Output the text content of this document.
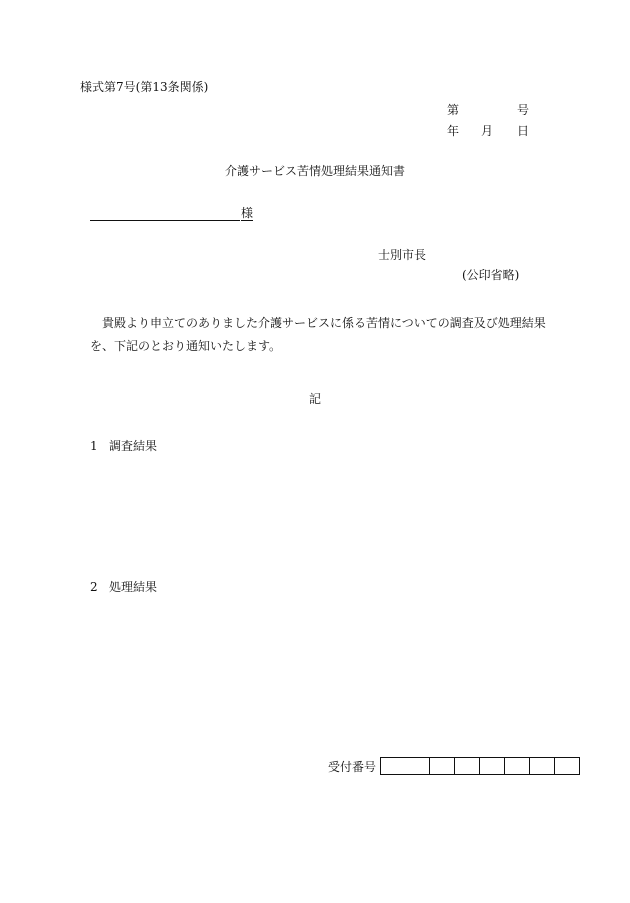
様式第7号(第13条関係)
第	号
年 月 日
介護サービス苦情処理結果通知書
様
士別市長
(公印省略)
貴殿より申立てのありました介護サービスに係る苦情についての調査及び処理結果
を、下記のとおり通知いたします。
記
1 調査結果
2 処理結果
受付番号
